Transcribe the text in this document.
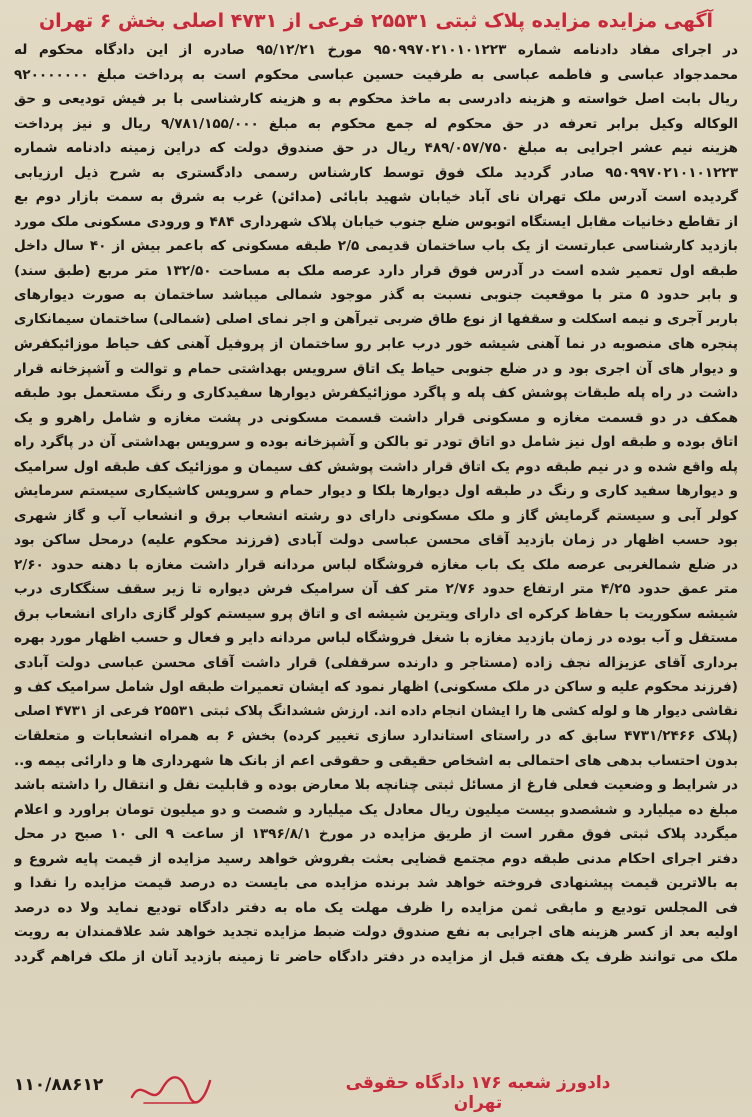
آگهی مزایده مزایده پلاک ثبتی ۲۵۵۳۱ فرعی از ۴۷۳۱ اصلی بخش ۶ تهران
در اجرای مفاد دادنامه شماره ۹۵۰۹۹۷۰۲۱۰۱۰۱۲۲۳ مورخ ۹۵/۱۲/۲۱ صادره از این دادگاه محکوم له
محمدجواد عباسی و فاطمه عباسی به طرفیت حسین عباسی محکوم است به پرداخت مبلغ ۹۲۰۰۰۰۰۰۰
ریال بابت اصل خواسته و هزینه دادرسی به ماخذ محکوم به و هزینه کارشناسی با بر فیش تودیعی و حق
الوکاله وکیل برابر تعرفه در حق محکوم له جمع محکوم به مبلغ ۹/۷۸۱/۱۵۵/۰۰۰ ریال و نیز پرداخت
هزینه نیم عشر اجرایی به مبلغ ۴۸۹/۰۵۷/۷۵۰ ریال در حق صندوق دولت که دراین زمینه دادنامه شماره
۹۵۰۹۹۷۰۲۱۰۱۰۱۲۲۳ صادر گردید ملک فوق توسط کارشناس رسمی دادگستری به شرح ذیل ارزیابی
گردیده است آدرس ملک تهران نای آباد خیابان شهید بابائی (مدائن) غرب به شرق به سمت بازار دوم بع
از تقاطع دخانیات مقابل ایستگاه اتوبوس ضلع جنوب خیابان پلاک شهرداری ۴۸۴ و ورودی مسکونی ملک مورد
بازدید کارشناسی عبارتست از یک باب ساختمان قدیمی ۲/۵ طبقه مسکونی که باعمر بیش از ۴۰ سال داخل
طبقه اول تعمیر شده است در آدرس فوق قرار دارد عرصه ملک به مساحت ۱۳۲/۵۰ متر مربع (طبق سند)
و بابر حدود ۵ متر با موقعیت جنوبی نسبت به گذر موجود شمالی میباشد ساختمان به صورت دیوارهای
باربر آجری و نیمه اسکلت و سقفها از نوع طاق ضربی تیرآهن و اجر نمای اصلی (شمالی) ساختمان سیمانکاری
پنجره های منصوبه در نما آهنی شیشه خور درب عابر رو ساختمان از پروفیل آهنی کف حیاط موزائیکفرش
و دیوار های آن اجری بود و در ضلع جنوبی حیاط یک اتاق سرویس بهداشتی حمام و توالت و آشپزخانه قرار
داشت در راه پله طبقات پوشش کف پله و پاگرد موزائیکفرش دیوارها سفیدکاری و رنگ مستعمل بود طبقه
همکف در دو قسمت مغازه و مسکونی قرار داشت قسمت مسکونی در پشت مغازه و شامل راهرو و یک
اتاق بوده و طبقه اول نیز شامل دو اتاق تودر تو بالکن و آشپزخانه بوده و سرویس بهداشتی آن در پاگرد راه
پله واقع شده و در نیم طبقه دوم یک اتاق قرار داشت پوشش کف سیمان و موزائیک کف طبقه اول سرامیک
و دیوارها سفید کاری و رنگ در طبقه اول دیوارها بلکا و دیوار حمام و سرویس کاشیکاری سیستم سرمایش
کولر آبی و سیستم گرمایش گاز و ملک مسکونی دارای دو رشته انشعاب برق و انشعاب آب و گاز شهری
بود حسب اظهار در زمان بازدید آقای محسن عباسی دولت آبادی (فرزند محکوم علیه) درمحل ساکن بود
در ضلع شمالغربی عرصه ملک یک باب مغازه فروشگاه لباس مردانه قرار داشت مغازه با دهنه حدود ۲/۶۰
متر عمق حدود ۴/۲۵ متر ارتفاع حدود ۲/۷۶ متر کف آن سرامیک فرش دیواره تا زیر سقف سنگکاری درب
شیشه سکوریت با حفاظ کرکره ای دارای ویترین شیشه ای و اتاق پرو سیستم کولر گازی دارای انشعاب برق
مستقل و آب بوده در زمان بازدید مغازه با شغل فروشگاه لباس مردانه دایر و فعال و حسب اظهار مورد بهره
برداری آقای عزیزاله نجف زاده (مستاجر و دارنده سرقفلی) قرار داشت آقای محسن عباسی دولت آبادی
(فرزند محکوم علیه و ساکن در ملک مسکونی) اظهار نمود که ایشان تعمیرات طبقه اول شامل سرامیک کف و
نقاشی دیوار ها و لوله کشی ها را ایشان انجام داده اند. ارزش ششدانگ پلاک ثبتی ۲۵۵۳۱ فرعی از ۴۷۳۱ اصلی
(پلاک ۴۷۳۱/۲۴۶۶ سابق که در راستای استاندارد سازی تغییر کرده) بخش ۶ به همراه انشعابات و متعلقات
بدون احتساب بدهی های احتمالی به اشخاص حقیقی و حقوقی اعم از بانک ها شهرداری ها و دارائی بیمه و..
در شرایط و وضعیت فعلی فارغ از مسائل ثبتی چنانچه بلا معارض بوده و قابلیت نقل و انتقال را داشته باشد
مبلغ ده میلیارد و ششصدو بیست میلیون ریال معادل یک میلیارد و شصت و دو میلیون تومان براورد و اعلام
میگردد پلاک ثبتی فوق مقرر است از طریق مزایده در مورخ ۱۳۹۶/۸/۱ از ساعت ۹ الی ۱۰ صبح در محل
دفتر اجرای احکام مدنی طبقه دوم مجتمع قضایی بعثت بفروش خواهد رسید مزایده از قیمت پایه شروع و
به بالاترین قیمت پیشنهادی فروخته خواهد شد برنده مزایده می بایست ده درصد قیمت مزایده را نقدا و
فی المجلس تودیع و مابقی ثمن مزایده را ظرف مهلت یک ماه به دفتر دادگاه تودیع نماید ولا ده درصد
اولیه بعد از کسر هزینه های اجرایی به نفع صندوق دولت ضبط مزایده تجدید خواهد شد علاقمندان به رویت
ملک می توانند ظرف یک هفته قبل از مزایده در دفتر دادگاه حاضر تا زمینه بازدید آنان از ملک فراهم گردد
دادورز شعبه ۱۷۶ دادگاه حقوقی تهران
۱۱۰/۸۸۶۱۲
